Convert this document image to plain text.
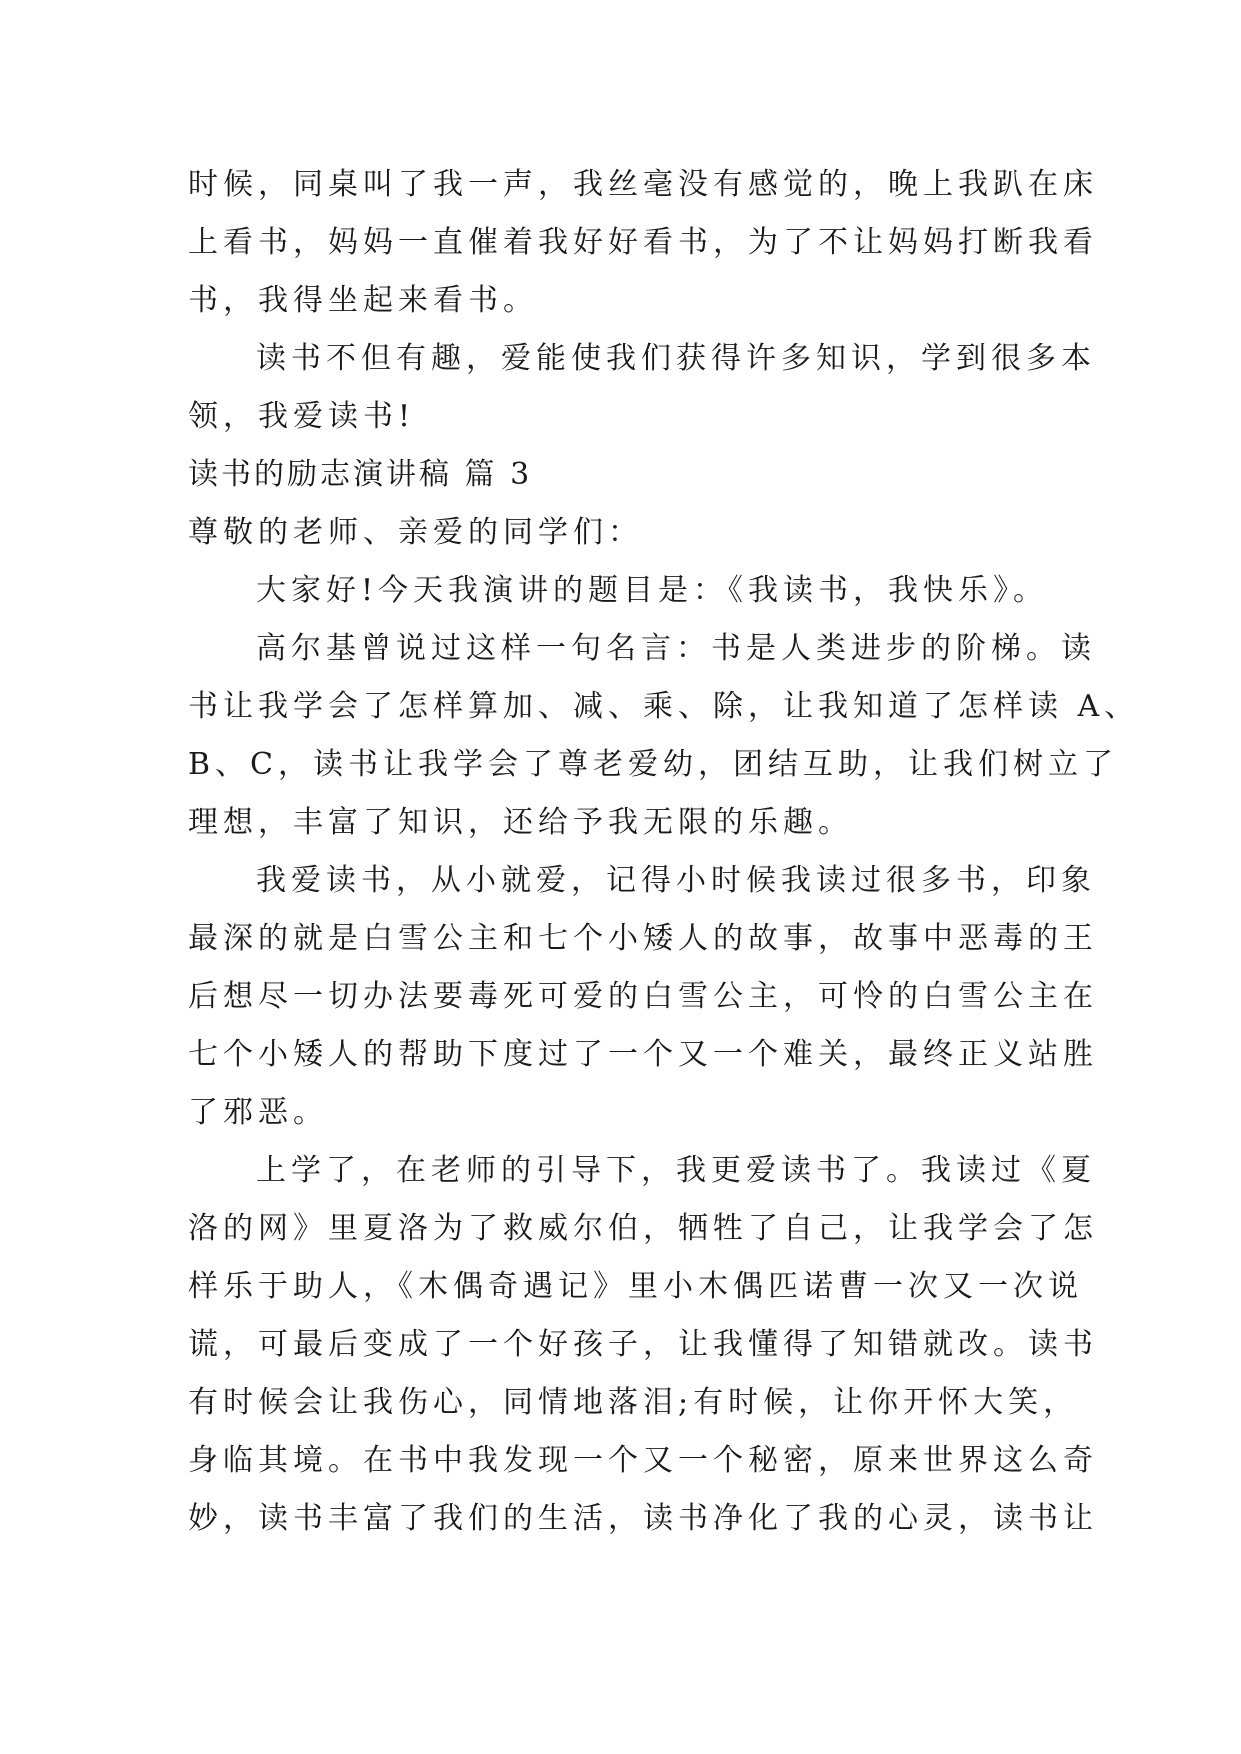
时候，同桌叫了我一声，我丝毫没有感觉的，晚上我趴在床
上看书，妈妈一直催着我好好看书，为了不让妈妈打断我看
书，我得坐起来看书。
读书不但有趣，爱能使我们获得许多知识，学到很多本
领，我爱读书!
读书的励志演讲稿 篇 3
尊敬的老师、亲爱的同学们：
大家好!今天我演讲的题目是：《我读书，我快乐》。
高尔基曾说过这样一句名言：书是人类进步的阶梯。读
书让我学会了怎样算加、减、乘、除，让我知道了怎样读 A、
B、C，读书让我学会了尊老爱幼，团结互助，让我们树立了
理想，丰富了知识，还给予我无限的乐趣。
我爱读书，从小就爱，记得小时候我读过很多书，印象
最深的就是白雪公主和七个小矮人的故事，故事中恶毒的王
后想尽一切办法要毒死可爱的白雪公主，可怜的白雪公主在
七个小矮人的帮助下度过了一个又一个难关，最终正义站胜
了邪恶。
上学了，在老师的引导下，我更爱读书了。我读过《夏
洛的网》里夏洛为了救威尔伯，牺牲了自己，让我学会了怎
样乐于助人，《木偶奇遇记》里小木偶匹诺曹一次又一次说
谎，可最后变成了一个好孩子，让我懂得了知错就改。读书
有时候会让我伤心，同情地落泪;有时候，让你开怀大笑，
身临其境。在书中我发现一个又一个秘密，原来世界这么奇
妙，读书丰富了我们的生活，读书净化了我的心灵，读书让
